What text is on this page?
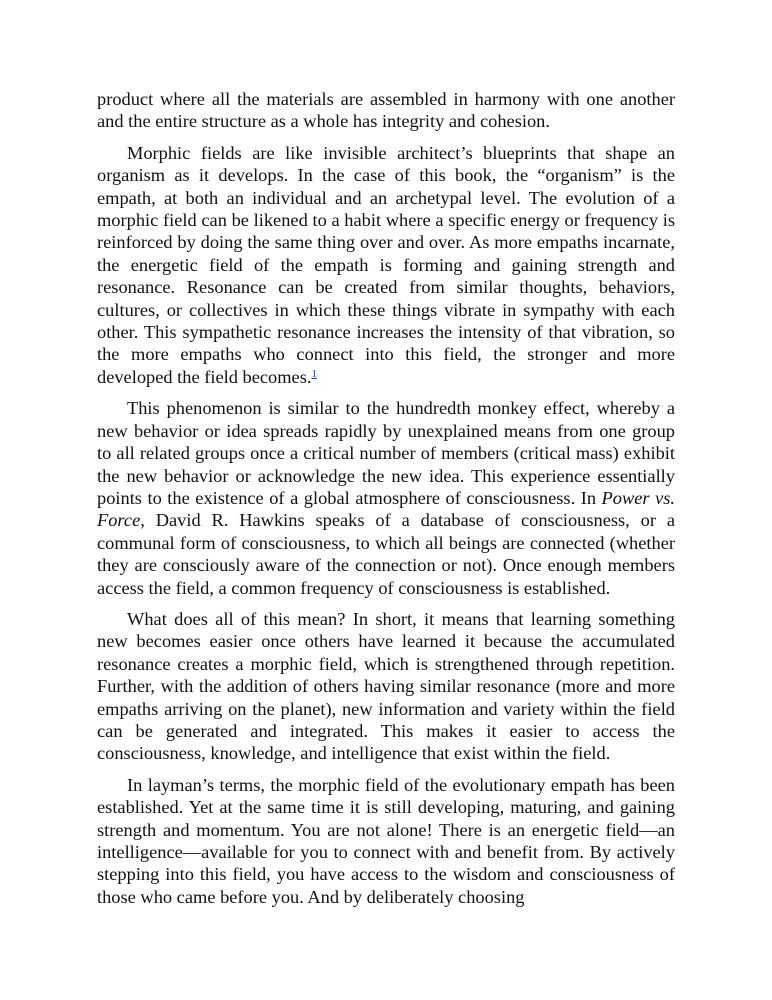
product where all the materials are assembled in harmony with one another and the entire structure as a whole has integrity and cohesion.

Morphic fields are like invisible architect’s blueprints that shape an organism as it develops. In the case of this book, the “organism” is the empath, at both an individual and an archetypal level. The evolution of a morphic field can be likened to a habit where a specific energy or frequency is reinforced by doing the same thing over and over. As more empaths incarnate, the energetic field of the empath is forming and gaining strength and resonance. Resonance can be created from similar thoughts, behaviors, cultures, or collectives in which these things vibrate in sympathy with each other. This sympathetic resonance increases the intensity of that vibration, so the more empaths who connect into this field, the stronger and more developed the field becomes.$^1$

This phenomenon is similar to the hundredth monkey effect, whereby a new behavior or idea spreads rapidly by unexplained means from one group to all related groups once a critical number of members (critical mass) exhibit the new behavior or acknowledge the new idea. This experience essentially points to the existence of a global atmosphere of consciousness. In Power vs. Force, David R. Hawkins speaks of a database of consciousness, or a communal form of consciousness, to which all beings are connected (whether they are consciously aware of the connection or not). Once enough members access the field, a common frequency of consciousness is established.

What does all of this mean? In short, it means that learning something new becomes easier once others have learned it because the accumulated resonance creates a morphic field, which is strengthened through repetition. Further, with the addition of others having similar resonance (more and more empaths arriving on the planet), new information and variety within the field can be generated and integrated. This makes it easier to access the consciousness, knowledge, and intelligence that exist within the field.

In layman’s terms, the morphic field of the evolutionary empath has been established. Yet at the same time it is still developing, maturing, and gaining strength and momentum. You are not alone! There is an energetic field—an intelligence—available for you to connect with and benefit from. By actively stepping into this field, you have access to the wisdom and consciousness of those who came before you. And by deliberately choosing
